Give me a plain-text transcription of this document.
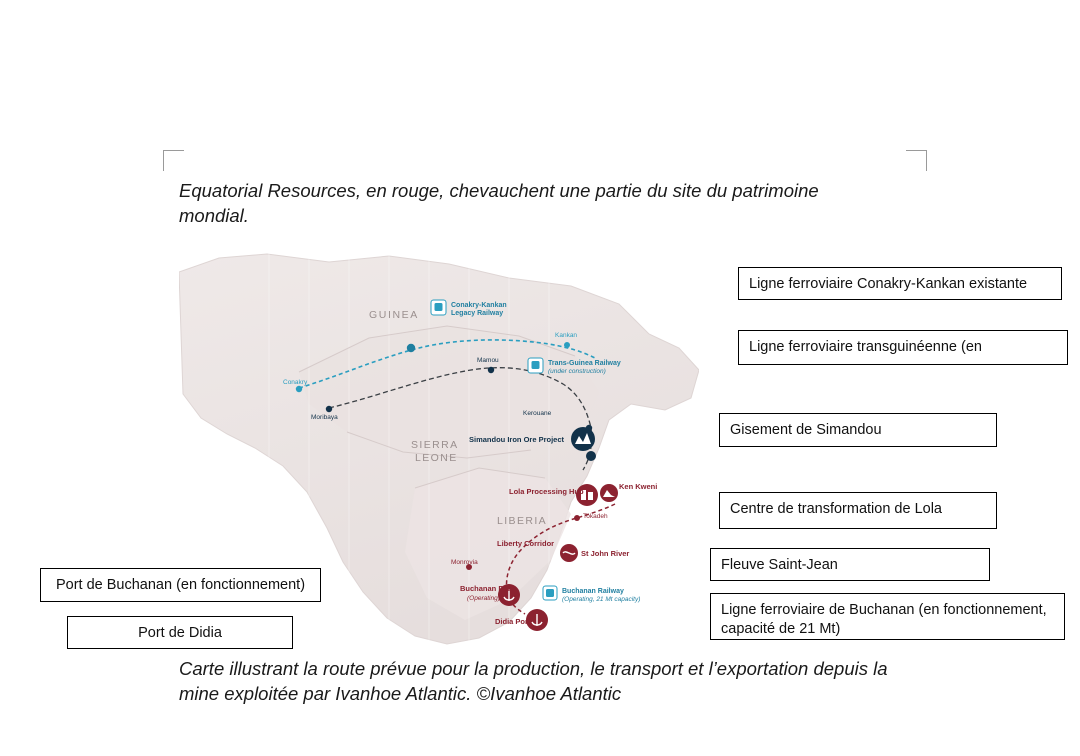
Equatorial Resources, en rouge, chevauchent une partie du site du patrimoine mondial.
GUINEA
SIERRA
LEONE
LIBERIA
Conakry
Moribaya
Mamou
Kankan
Kerouane
Monrovia
Tokadeh
Conakry-Kankan
Legacy Railway
Trans-Guinea Railway
(under construction)
Simandou Iron Ore Project
Lola Processing Hub
Ken Kweni
Liberty Corridor
St John River
Buchanan Port
(Operating)
Buchanan Railway
(Operating, 21 Mt capacity)
Didia Port
Ligne ferroviaire Conakry-Kankan existante
Ligne ferroviaire transguinéenne (en
Gisement de Simandou
Centre de transformation de Lola
Fleuve Saint-Jean
Ligne ferroviaire de Buchanan (en fonctionnement, capacité de 21 Mt)
Port de Buchanan (en fonctionnement)
Port de Didia
Carte illustrant la route prévue pour la production, le transport et l’exportation depuis la mine exploitée par Ivanhoe Atlantic. ©Ivanhoe Atlantic
